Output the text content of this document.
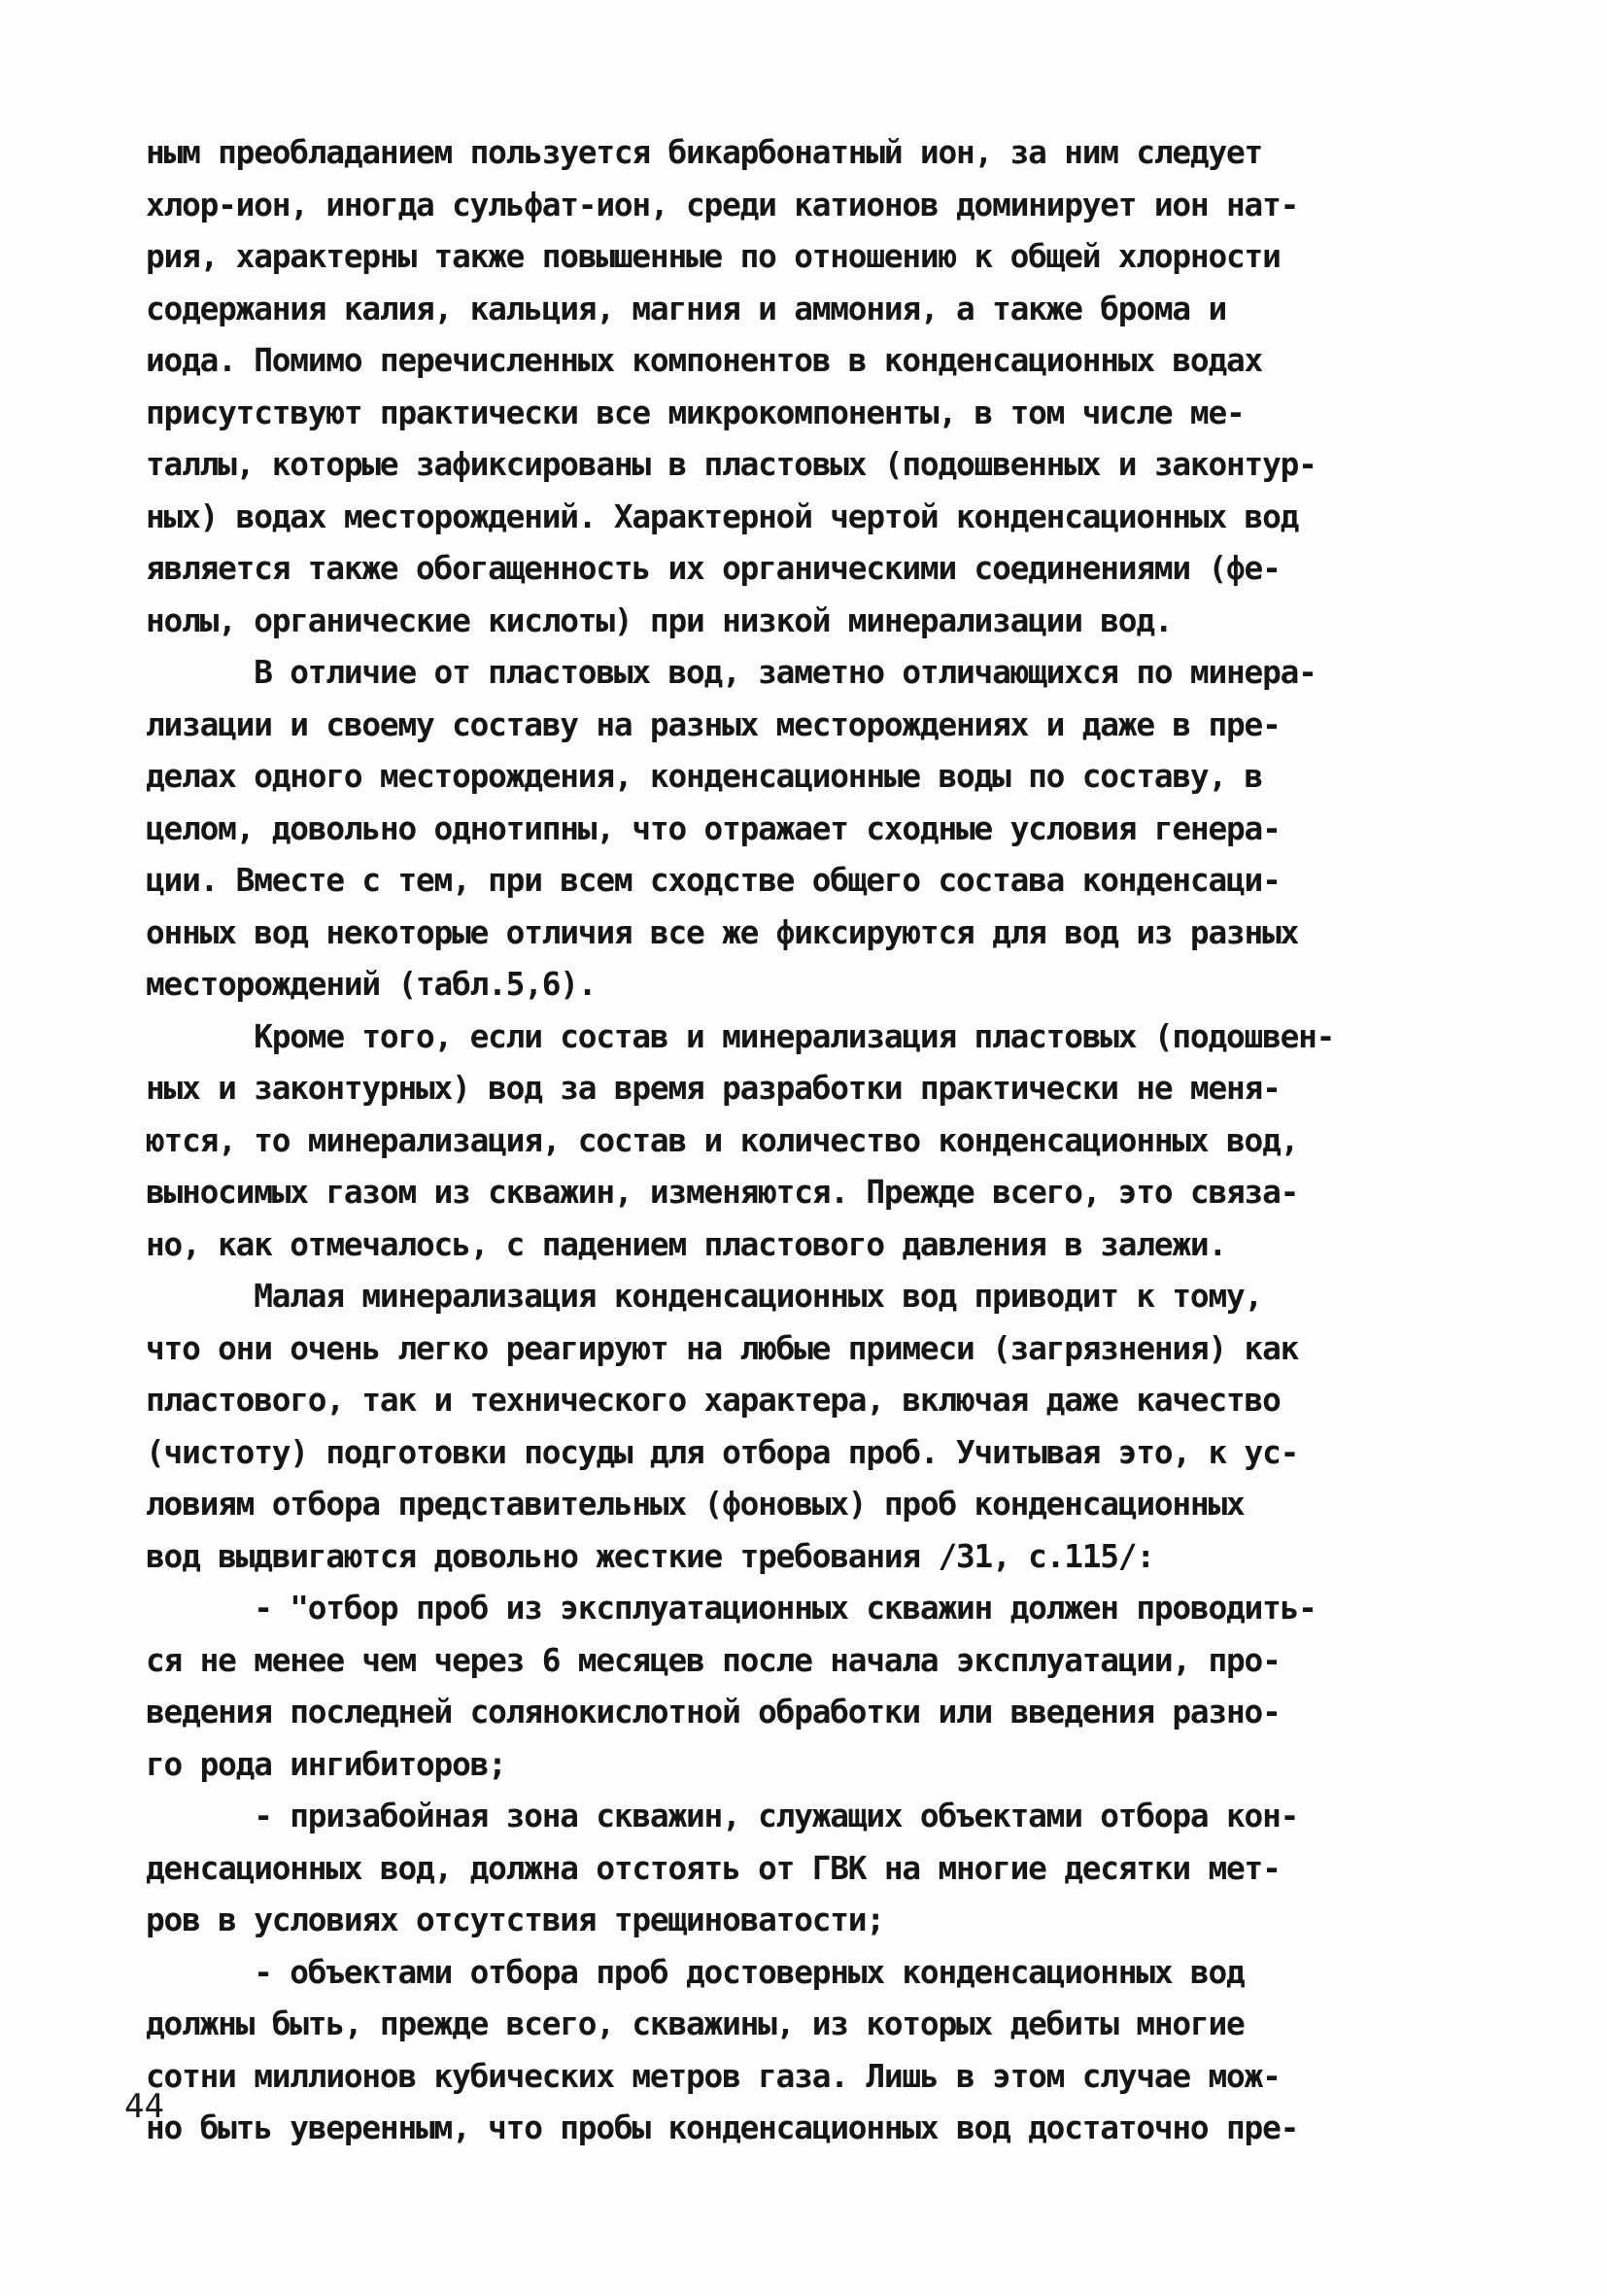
ным преобладанием пользуется бикарбонатный ион, за ним следует
хлор-ион, иногда сульфат-ион, среди катионов доминирует ион нат-
рия, характерны также повышенные по отношению к общей хлорности
содержания калия, кальция, магния и аммония, а также брома и
иода. Помимо перечисленных компонентов в конденсационных водах
присутствуют практически все микрокомпоненты, в том числе ме-
таллы, которые зафиксированы в пластовых (подошвенных и законтур-
ных) водах месторождений. Характерной чертой конденсационных вод
является также обогащенность их органическими соединениями (фе-
нолы, органические кислоты) при низкой минерализации вод.
В отличие от пластовых вод, заметно отличающихся по минера-
лизации и своему составу на разных месторождениях и даже в пре-
делах одного месторождения, конденсационные воды по составу, в
целом, довольно однотипны, что отражает сходные условия генера-
ции. Вместе с тем, при всем сходстве общего состава конденсаци-
онных вод некоторые отличия все же фиксируются для вод из разных
месторождений (табл.5,6).
Кроме того, если состав и минерализация пластовых (подошвен-
ных и законтурных) вод за время разработки практически не меня-
ются, то минерализация, состав и количество конденсационных вод,
выносимых газом из скважин, изменяются. Прежде всего, это связа-
но, как отмечалось, с падением пластового давления в залежи.
Малая минерализация конденсационных вод приводит к тому,
что они очень легко реагируют на любые примеси (загрязнения) как
пластового, так и технического характера, включая даже качество
(чистоту) подготовки посуды для отбора проб. Учитывая это, к ус-
ловиям отбора представительных (фоновых) проб конденсационных
вод выдвигаются довольно жесткие требования /31, с.115/:
- "отбор проб из эксплуатационных скважин должен проводить-
ся не менее чем через 6 месяцев после начала эксплуатации, про-
ведения последней солянокислотной обработки или введения разно-
го рода ингибиторов;
- призабойная зона скважин, служащих объектами отбора кон-
денсационных вод, должна отстоять от ГВК на многие десятки мет-
ров в условиях отсутствия трещиноватости;
- объектами отбора проб достоверных конденсационных вод
должны быть, прежде всего, скважины, из которых дебиты многие
сотни миллионов кубических метров газа. Лишь в этом случае мож-
но быть уверенным, что пробы конденсационных вод достаточно пре-
44
